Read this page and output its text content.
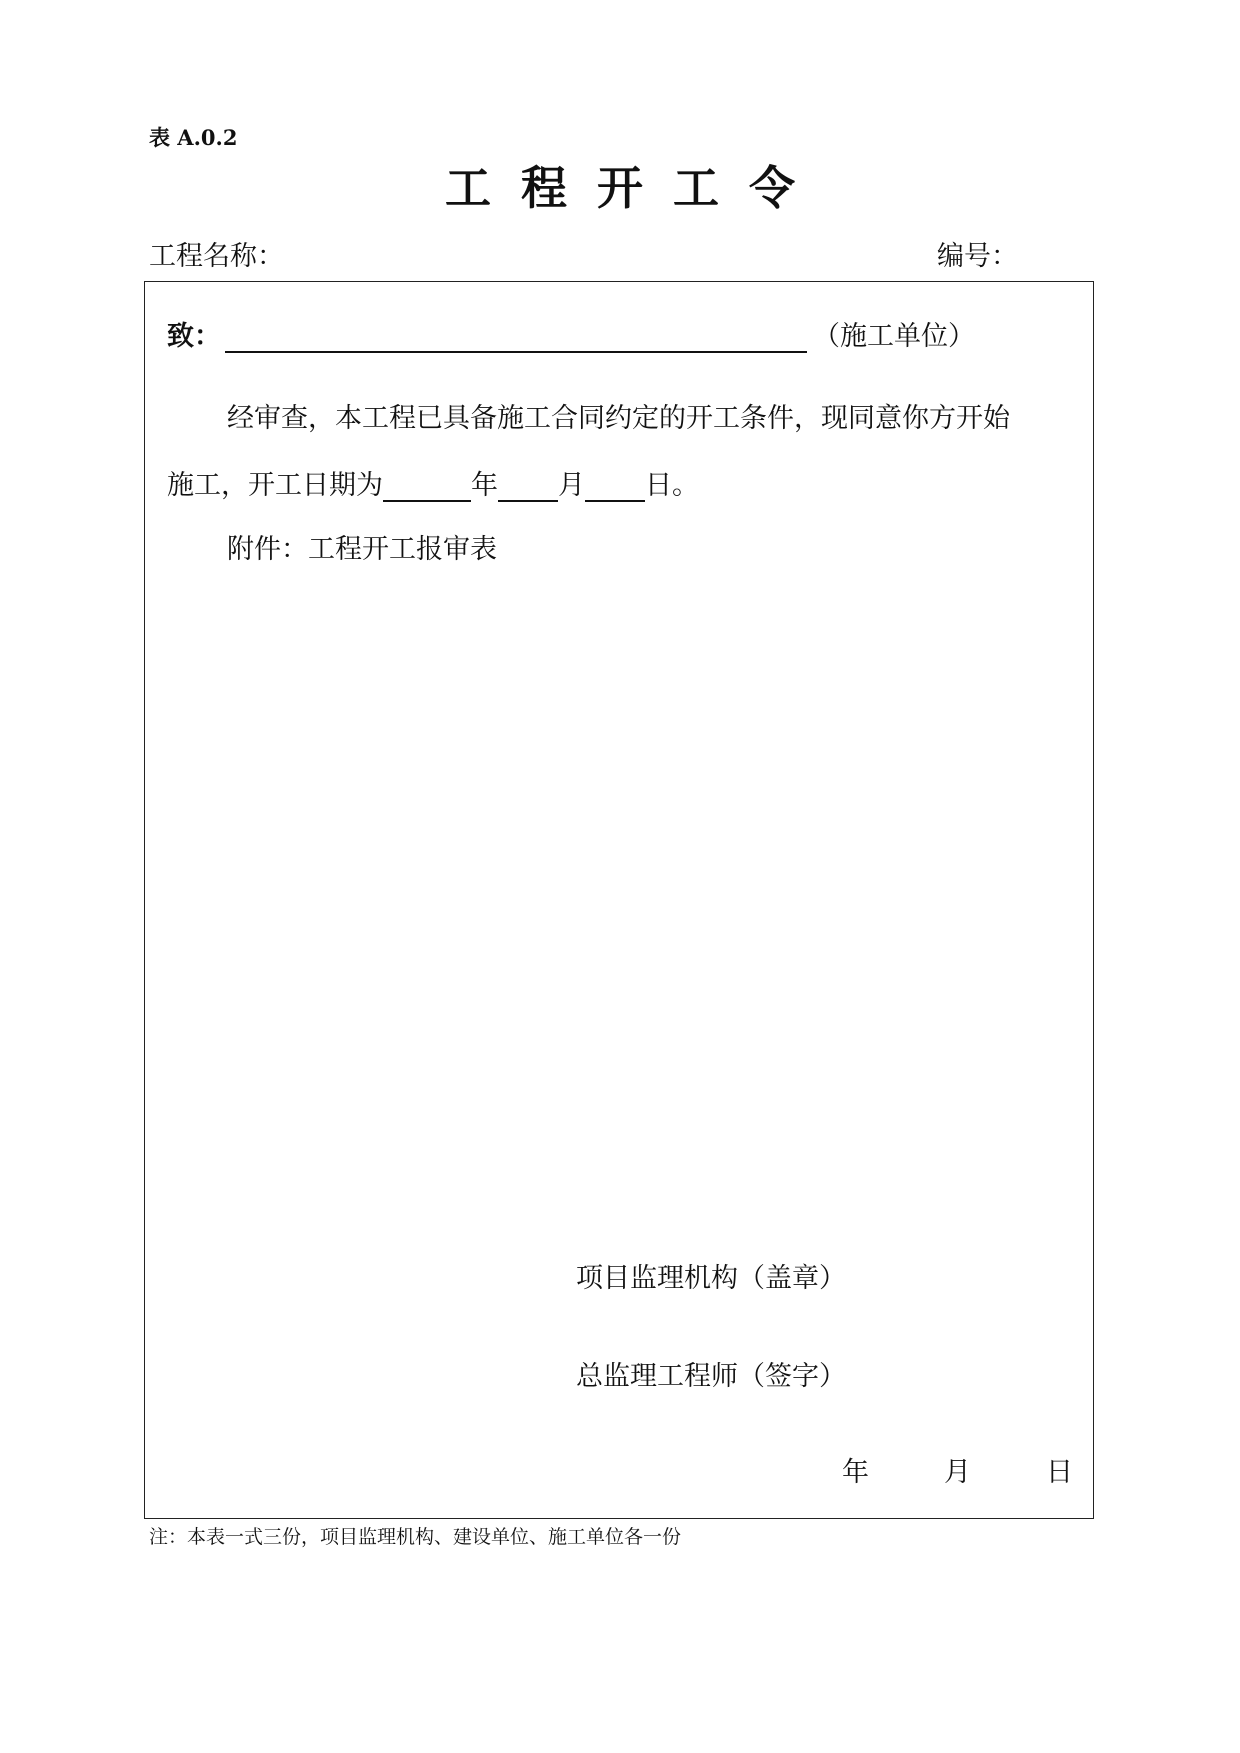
表 A.0.2
工程开工令
工程名称：	编号：
致：	（施工单位）
经审查，本工程已具备施工合同约定的开工条件，现同意你方开始
施工，开工日期为	年 月 日。
附件：工程开工报审表
项目监理机构（盖章）
总监理工程师（签字）
年	月	日
注：本表一式三份，项目监理机构、建设单位、施工单位各一份
